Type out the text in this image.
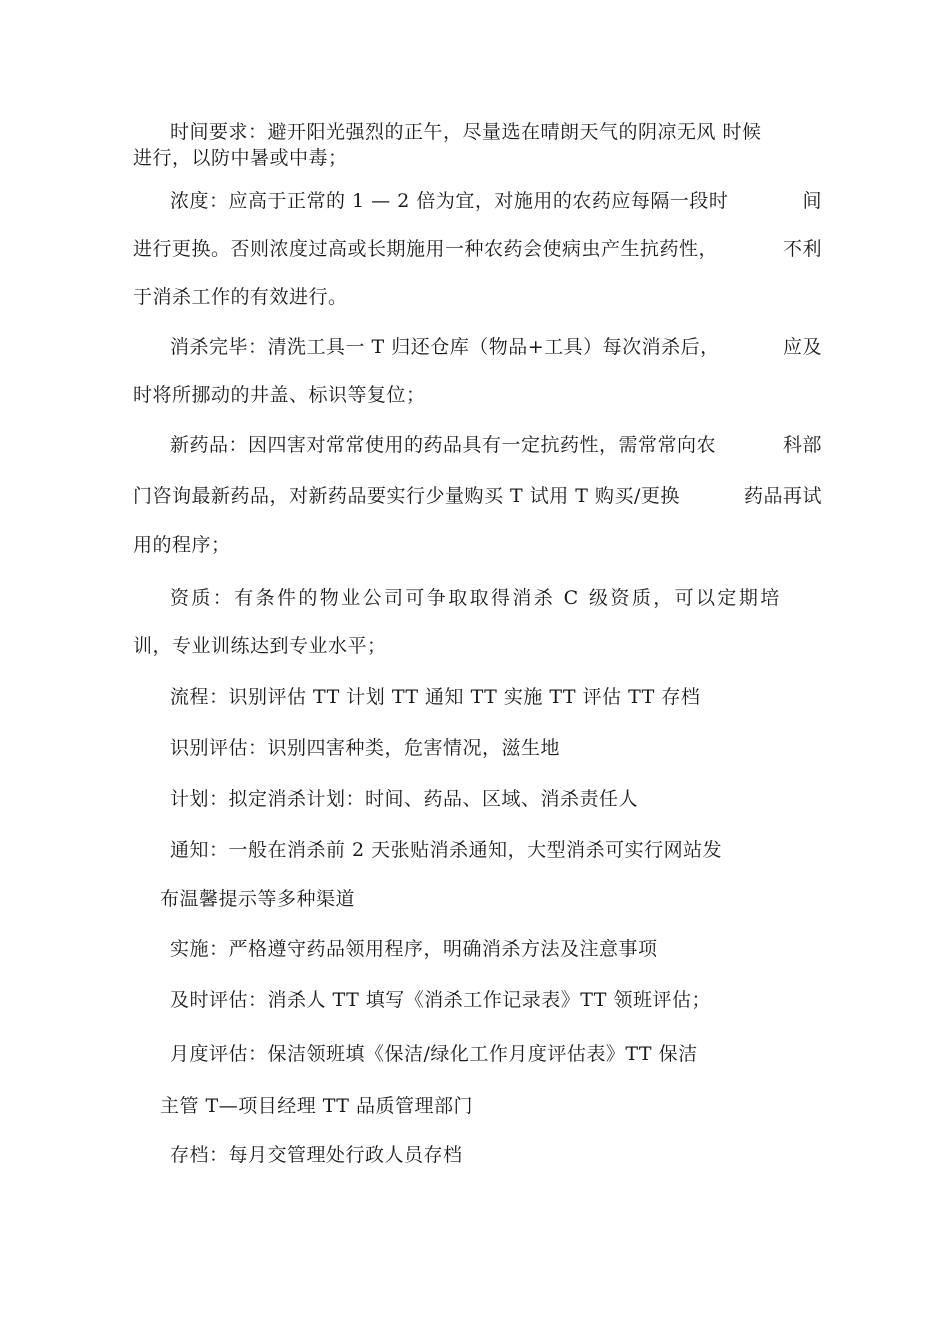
时间要求：避开阳光强烈的正午，尽量选在晴朗天气的阴凉无风 时候
进行，以防中暑或中毒；
浓度：应高于正常的 1 — 2 倍为宜，对施用的农药应每隔一段时	间
进行更换。否则浓度过高或长期施用一种农药会使病虫产生抗药性，	不利
于消杀工作的有效进行。
消杀完毕：清洗工具一 T 归还仓库（物品+工具）每次消杀后，	应及
时将所挪动的井盖、标识等复位；
新药品：因四害对常常使用的药品具有一定抗药性，需常常向农	科部
门咨询最新药品，对新药品要实行少量购买 T 试用 T 购买/更换	药品再试
用的程序；
资质：有条件的物业公司可争取取得消杀 C 级资质，可以定期培
训，专业训练达到专业水平；
流程：识别评估 TT 计划 TT 通知 TT 实施 TT 评估 TT 存档
识别评估：识别四害种类，危害情况，滋生地
计划：拟定消杀计划：时间、药品、区域、消杀责任人
通知：一般在消杀前 2 天张贴消杀通知，大型消杀可实行网站发
布温馨提示等多种渠道
实施：严格遵守药品领用程序，明确消杀方法及注意事项
及时评估：消杀人 TT 填写《消杀工作记录表》TT 领班评估；
月度评估：保洁领班填《保洁/绿化工作月度评估表》TT 保洁
主管 T—项目经理 TT 品质管理部门
存档：每月交管理处行政人员存档
